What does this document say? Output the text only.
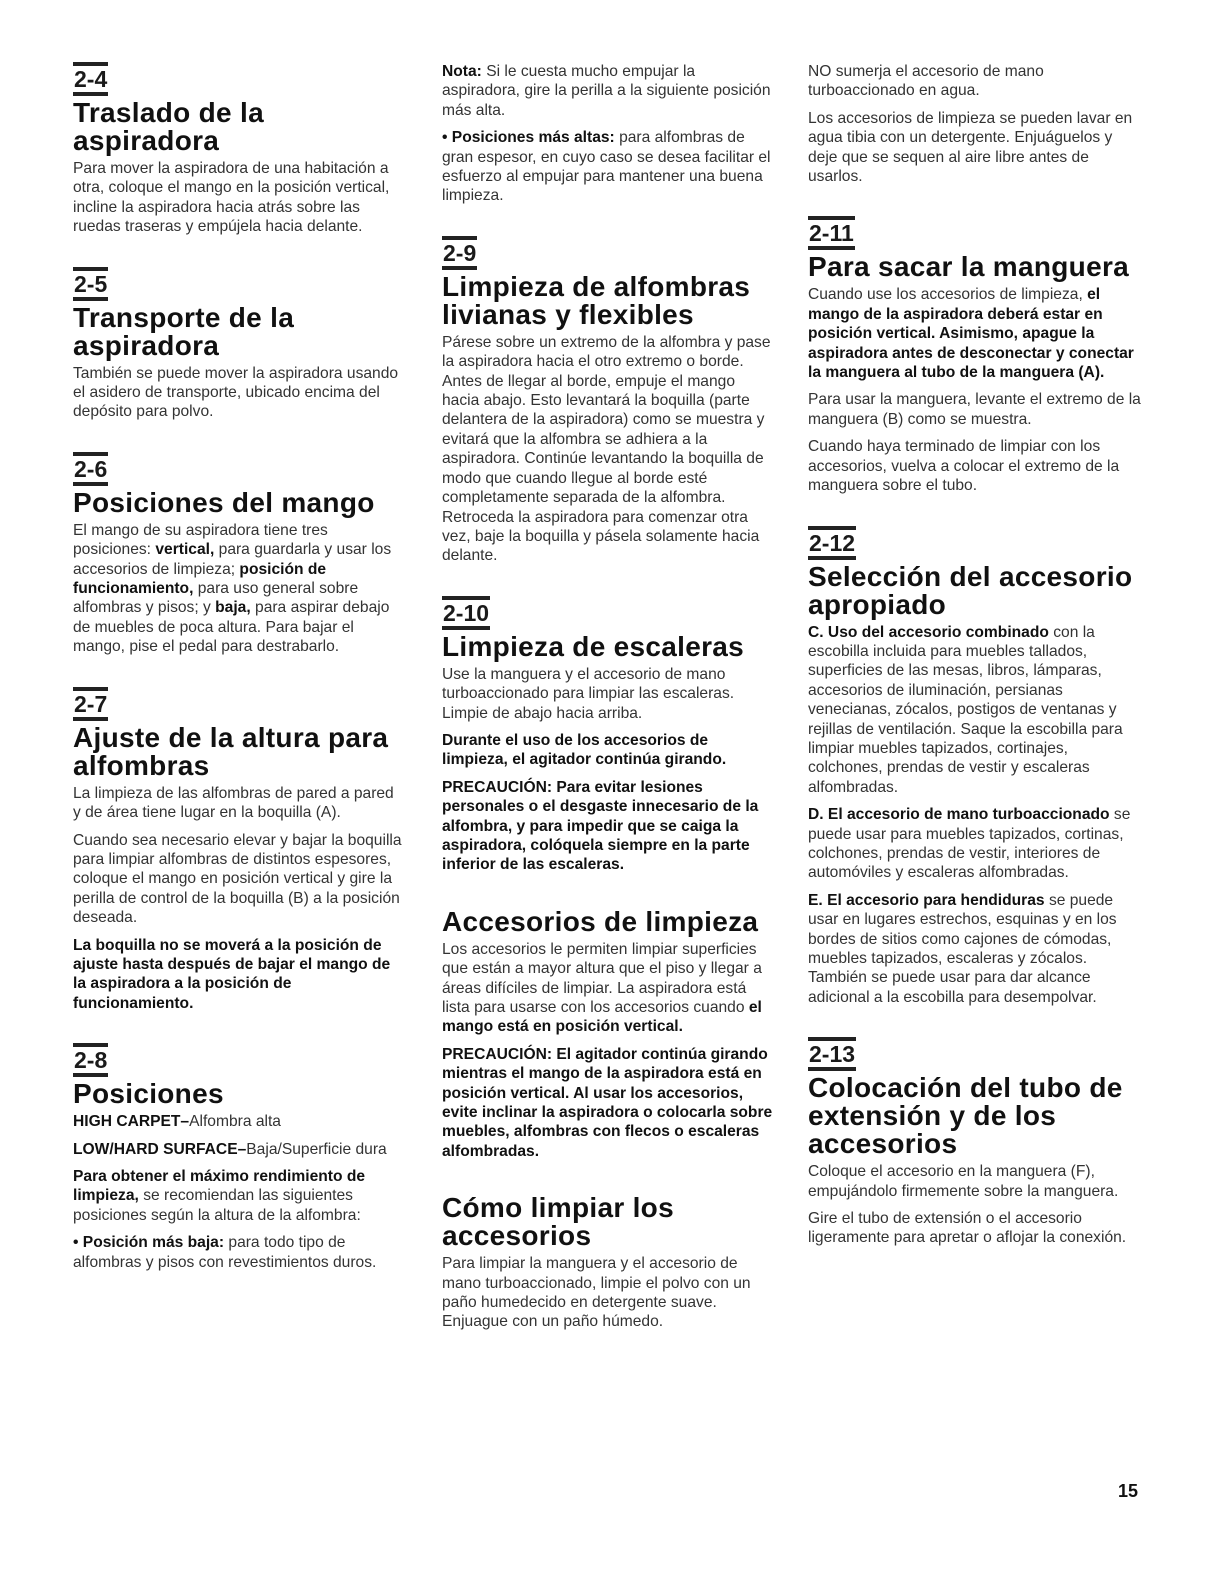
2-4
Traslado de la aspiradora

Para mover la aspiradora de una habitación a otra, coloque el mango en la posición vertical, incline la aspiradora hacia atrás sobre las ruedas traseras y empújela hacia delante.

2-5
Transporte de la aspiradora

También se puede mover la aspiradora usando el asidero de transporte, ubicado encima del depósito para polvo.

2-6
Posiciones del mango

El mango de su aspiradora tiene tres posiciones: vertical, para guardarla y usar los accesorios de limpieza; posición de funcionamiento, para uso general sobre alfombras y pisos; y baja, para aspirar debajo de muebles de poca altura. Para bajar el mango, pise el pedal para destrabarlo.

2-7
Ajuste de la altura para alfombras

La limpieza de las alfombras de pared a pared y de área tiene lugar en la boquilla (A).

Cuando sea necesario elevar y bajar la boquilla para limpiar alfombras de distintos espesores, coloque el mango en posición vertical y gire la perilla de control de la boquilla (B) a la posición deseada.

La boquilla no se moverá a la posición de ajuste hasta después de bajar el mango de la aspiradora a la posición de funcionamiento.

2-8
Posiciones

HIGH CARPET–Alfombra alta

LOW/HARD SURFACE–Baja/Superficie dura

Para obtener el máximo rendimiento de limpieza, se recomiendan las siguientes posiciones según la altura de la alfombra:

• Posición más baja: para todo tipo de alfombras y pisos con revestimientos duros.

Nota: Si le cuesta mucho empujar la aspiradora, gire la perilla a la siguiente posición más alta.

• Posiciones más altas: para alfombras de gran espesor, en cuyo caso se desea facilitar el esfuerzo al empujar para mantener una buena limpieza.

2-9
Limpieza de alfombras livianas y flexibles

Párese sobre un extremo de la alfombra y pase la aspiradora hacia el otro extremo o borde. Antes de llegar al borde, empuje el mango hacia abajo. Esto levantará la boquilla (parte delantera de la aspiradora) como se muestra y evitará que la alfombra se adhiera a la aspiradora. Continúe levantando la boquilla de modo que cuando llegue al borde esté completamente separada de la alfombra. Retroceda la aspiradora para comenzar otra vez, baje la boquilla y pásela solamente hacia delante.

2-10
Limpieza de escaleras

Use la manguera y el accesorio de mano turboaccionado para limpiar las escaleras. Limpie de abajo hacia arriba.

Durante el uso de los accesorios de limpieza, el agitador continúa girando.

PRECAUCIÓN: Para evitar lesiones personales o el desgaste innecesario de la alfombra, y para impedir que se caiga la aspiradora, colóquela siempre en la parte inferior de las escaleras.

Accesorios de limpieza

Los accesorios le permiten limpiar superficies que están a mayor altura que el piso y llegar a áreas difíciles de limpiar. La aspiradora está lista para usarse con los accesorios cuando el mango está en posición vertical.

PRECAUCIÓN: El agitador continúa girando mientras el mango de la aspiradora está en posición vertical. Al usar los accesorios, evite inclinar la aspiradora o colocarla sobre muebles, alfombras con flecos o escaleras alfombradas.

Cómo limpiar los accesorios

Para limpiar la manguera y el accesorio de mano turboaccionado, limpie el polvo con un paño humedecido en detergente suave. Enjuague con un paño húmedo.

NO sumerja el accesorio de mano turboaccionado en agua.

Los accesorios de limpieza se pueden lavar en agua tibia con un detergente. Enjuáguelos y deje que se sequen al aire libre antes de usarlos.

2-11
Para sacar la manguera

Cuando use los accesorios de limpieza, el mango de la aspiradora deberá estar en posición vertical. Asimismo, apague la aspiradora antes de desconectar y conectar la manguera al tubo de la manguera (A).

Para usar la manguera, levante el extremo de la manguera (B) como se muestra.

Cuando haya terminado de limpiar con los accesorios, vuelva a colocar el extremo de la manguera sobre el tubo.

2-12
Selección del accesorio apropiado

C. Uso del accesorio combinado con la escobilla incluida para muebles tallados, superficies de las mesas, libros, lámparas, accesorios de iluminación, persianas venecianas, zócalos, postigos de ventanas y rejillas de ventilación. Saque la escobilla para limpiar muebles tapizados, cortinajes, colchones, prendas de vestir y escaleras alfombradas.

D. El accesorio de mano turboaccionado se puede usar para muebles tapizados, cortinas, colchones, prendas de vestir, interiores de automóviles y escaleras alfombradas.

E. El accesorio para hendiduras se puede usar en lugares estrechos, esquinas y en los bordes de sitios como cajones de cómodas, muebles tapizados, escaleras y zócalos. También se puede usar para dar alcance adicional a la escobilla para desempolvar.

2-13
Colocación del tubo de extensión y de los accesorios

Coloque el accesorio en la manguera (F), empujándolo firmemente sobre la manguera.

Gire el tubo de extensión o el accesorio ligeramente para apretar o aflojar la conexión.

15
